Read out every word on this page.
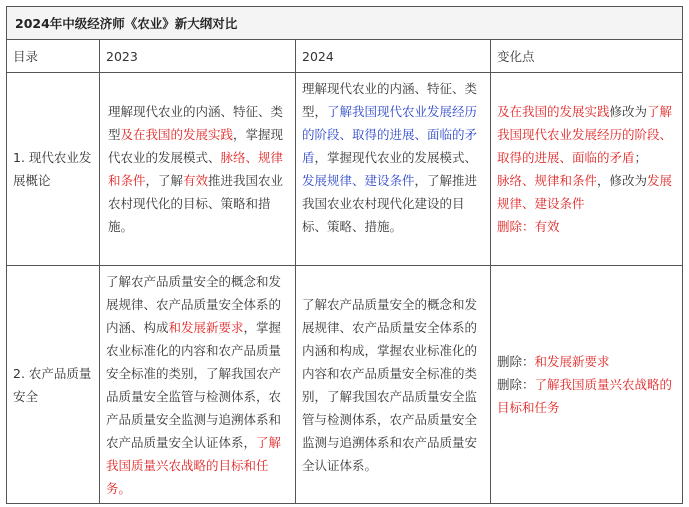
2024年中级经济师《农业》新大纲对比			
目录	2023	2024	变化点
1. 现代农业发展概论	理解现代农业的内涵、特征、类型及在我国的发展实践，掌握现代农业的发展模式、脉络、规律和条件，了解有效推进我国农业农村现代化的目标、策略和措施。	理解现代农业的内涵、特征、类型，了解我国现代农业发展经历的阶段、取得的进展、面临的矛盾，掌握现代农业的发展模式、发展规律、建设条件，了解推进我国农业农村现代化建设的目标、策略、措施。	及在我国的发展实践修改为了解我国现代农业发展经历的阶段、取得的进展、面临的矛盾；
脉络、规律和条件，修改为发展规律、建设条件
删除：有效

2. 农产品质量安全	了解农产品质量安全的概念和发展规律、农产品质量安全体系的内涵、构成和发展新要求，掌握农业标准化的内容和农产品质量安全标准的类别，了解我国农产品质量安全监管与检测体系，农产品质量安全监测与追溯体系和农产品质量安全认证体系，了解我国质量兴农战略的目标和任务。	了解农产品质量安全的概念和发展规律、农产品质量安全体系的内涵和构成，掌握农业标准化的内容和农产品质量安全标准的类别，了解我国农产品质量安全监管与检测体系，农产品质量安全监测与追溯体系和农产品质量安全认证体系。	删除：和发展新要求
删除：了解我国质量兴农战略的目标和任务
